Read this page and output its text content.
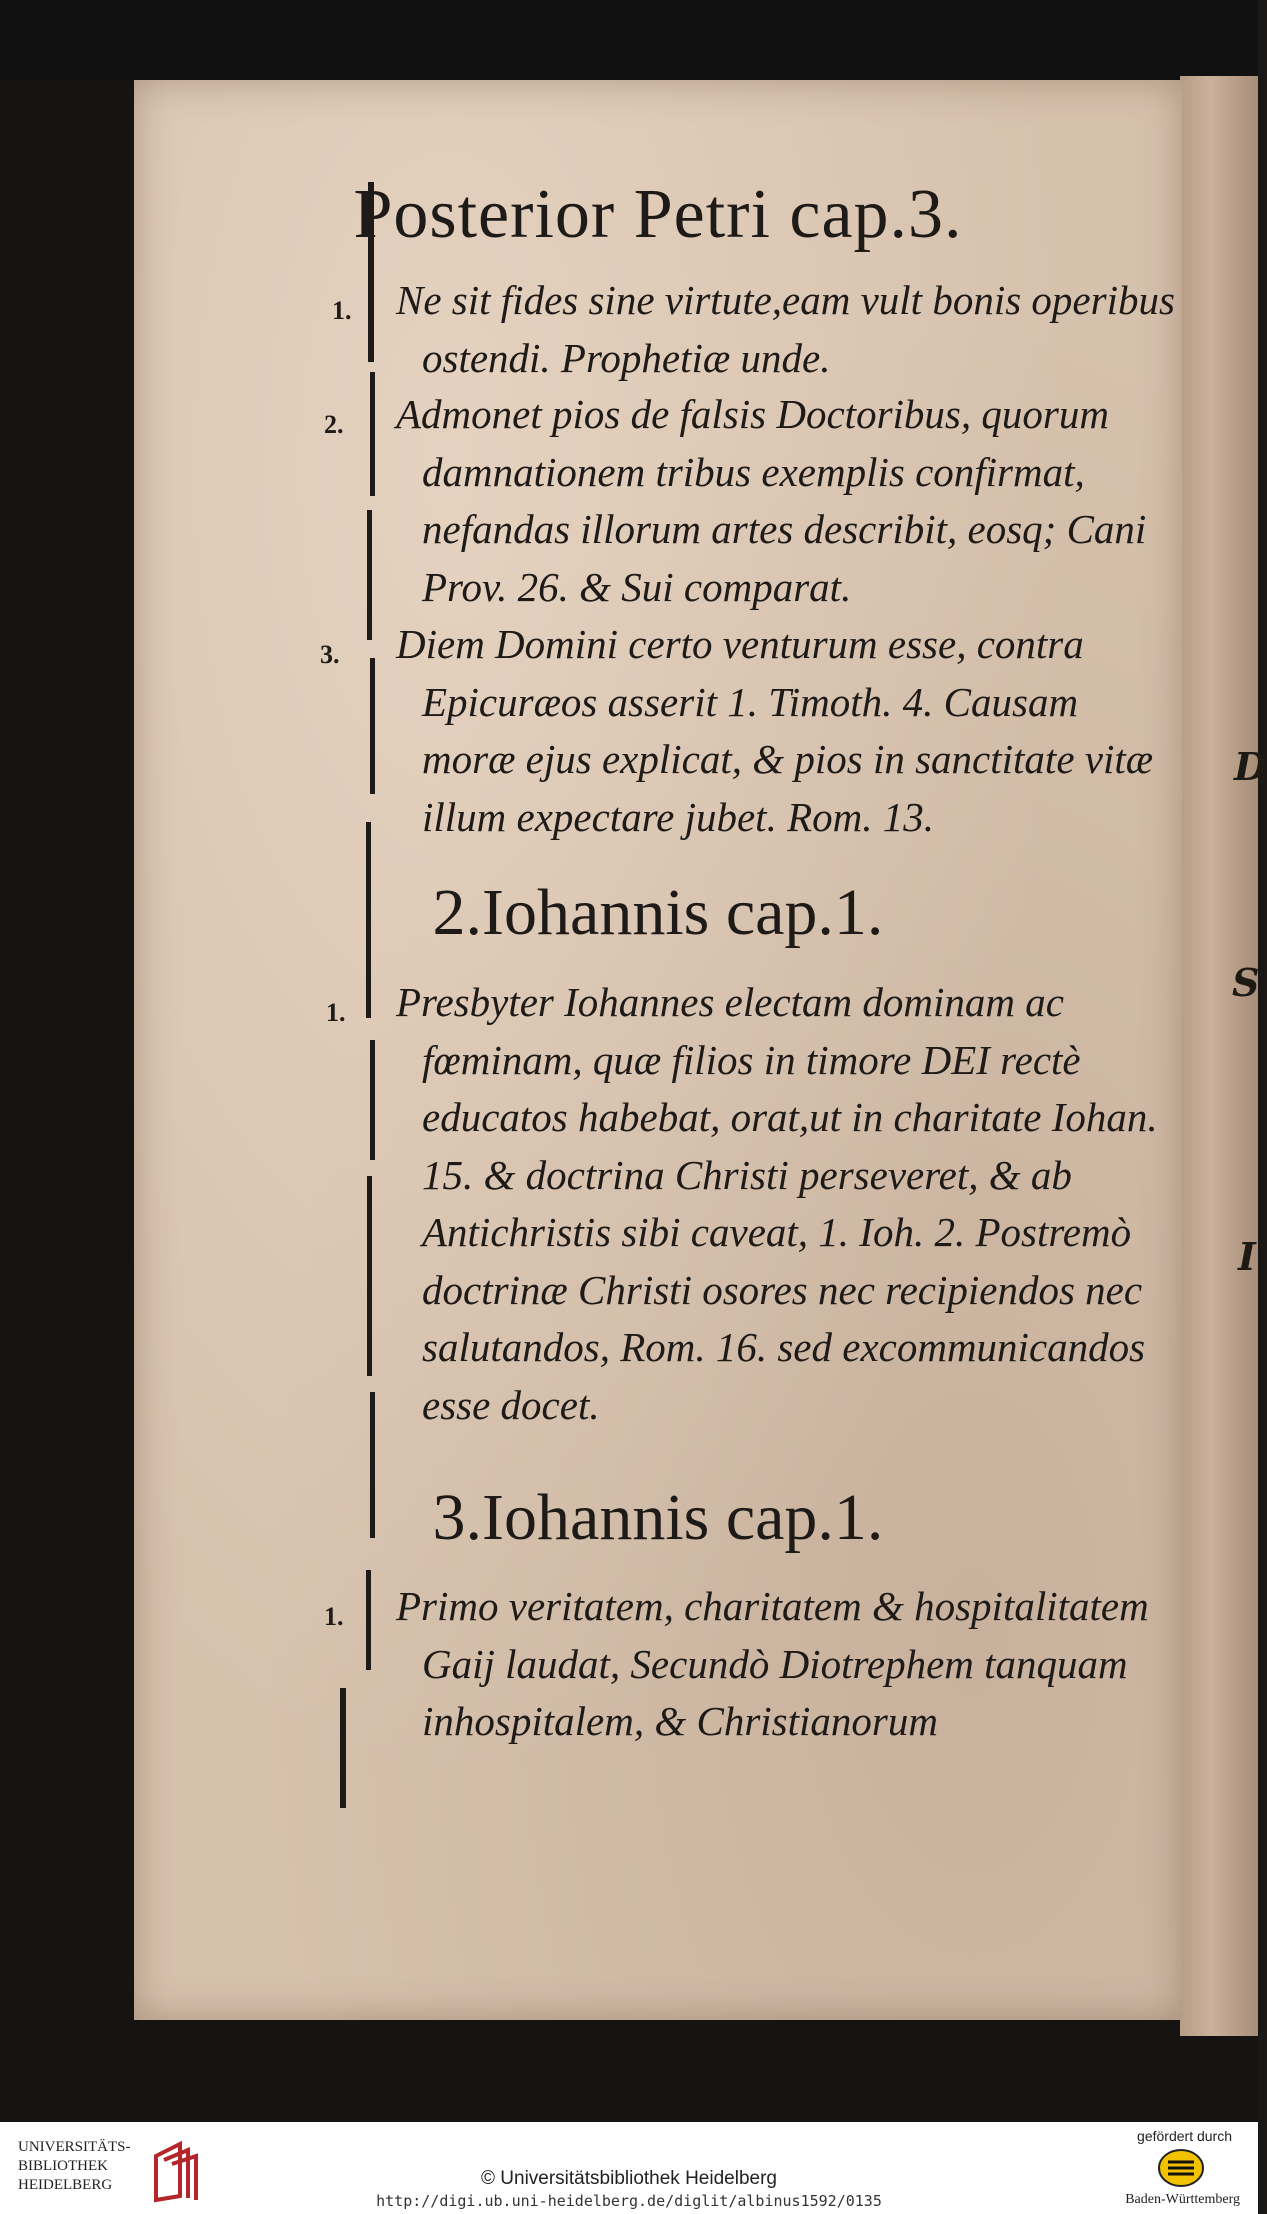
D
S
I
Posterior Petri cap.3.
1. Ne sit fides sine virtute,eam vult bonis operibus ostendi. Prophetiæ unde.

2. Admonet pios de falsis Doctoribus, quorum damnationem tribus exemplis confirmat, nefandas illorum artes describit, eosq; Cani Prov. 26. & Sui comparat.

3. Diem Domini certo venturum esse, contra Epicuræos asserit 1. Timoth. 4. Causam moræ ejus explicat, & pios in sanctitate vitæ illum expectare jubet. Rom. 13.

2.Iohannis cap.1.
1. Presbyter Iohannes electam dominam ac fœminam, quæ filios in timore DEI rectè educatos habebat, orat,ut in charitate Iohan. 15. & doctrina Christi perseveret, & ab Antichristis sibi caveat, 1. Ioh. 2. Postremò doctrinæ Christi osores nec recipiendos nec salutandos, Rom. 16. sed excommunicandos esse docet.

3.Iohannis cap.1.
1. Primo veritatem, charitatem & hospitalitatem Gaij laudat, Secundò Diotrephem tanquam inhospitalem, & Christianorum

UNIVERSITÄTS-
BIBLIOTHEK
HEIDELBERG	© Universitätsbibliothek Heidelberg
http://digi.ub.uni-heidelberg.de/diglit/albinus1592/0135
gefördert durch
Baden-Württemberg
